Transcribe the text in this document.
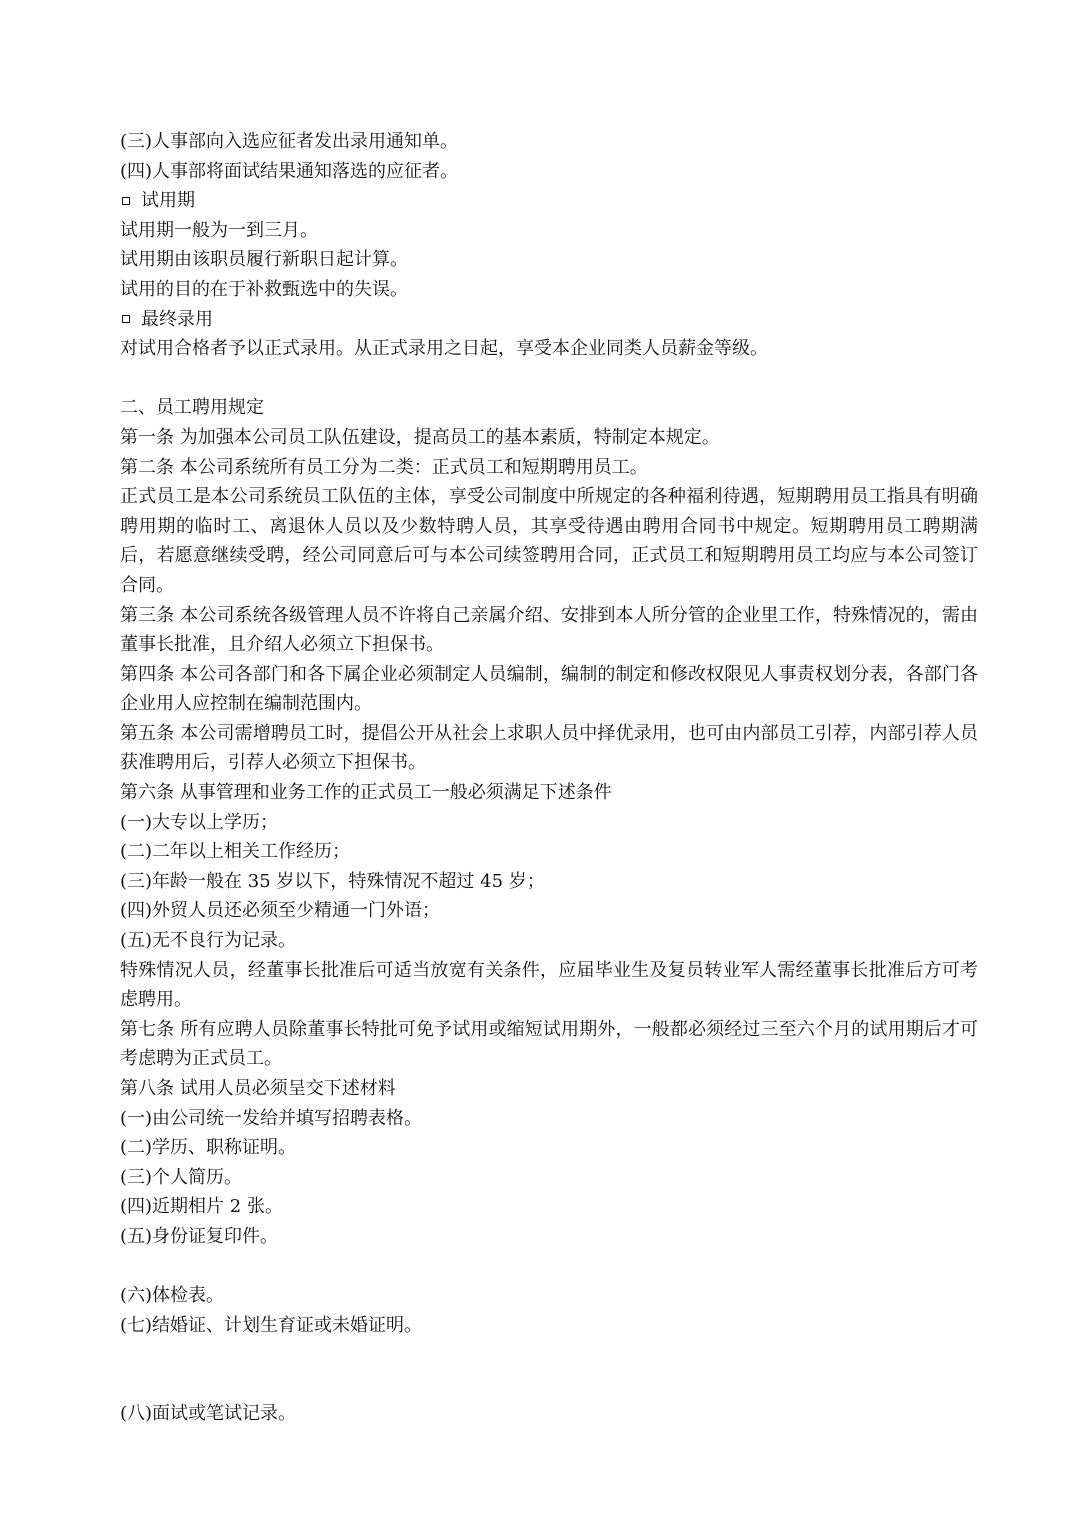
(三)人事部向入选应征者发出录用通知单。
(四)人事部将面试结果通知落选的应征者。
试用期
试用期一般为一到三月。
试用期由该职员履行新职日起计算。
试用的目的在于补救甄选中的失误。
最终录用
对试用合格者予以正式录用。从正式录用之日起，享受本企业同类人员薪金等级。
二、员工聘用规定
第一条 为加强本公司员工队伍建设，提高员工的基本素质，特制定本规定。
第二条 本公司系统所有员工分为二类：正式员工和短期聘用员工。
正式员工是本公司系统员工队伍的主体，享受公司制度中所规定的各种福利待遇，短期聘用员工指具有明确聘用期的临时工、离退休人员以及少数特聘人员，其享受待遇由聘用合同书中规定。短期聘用员工聘期满后，若愿意继续受聘，经公司同意后可与本公司续签聘用合同，正式员工和短期聘用员工均应与本公司签订合同。
第三条 本公司系统各级管理人员不许将自己亲属介绍、安排到本人所分管的企业里工作，特殊情况的，需由董事长批准，且介绍人必须立下担保书。
第四条 本公司各部门和各下属企业必须制定人员编制，编制的制定和修改权限见人事责权划分表，各部门各企业用人应控制在编制范围内。
第五条 本公司需增聘员工时，提倡公开从社会上求职人员中择优录用，也可由内部员工引荐，内部引荐人员获准聘用后，引荐人必须立下担保书。
第六条 从事管理和业务工作的正式员工一般必须满足下述条件
(一)大专以上学历；
(二)二年以上相关工作经历；
(三)年龄一般在 35 岁以下，特殊情况不超过 45 岁；
(四)外贸人员还必须至少精通一门外语；
(五)无不良行为记录。
特殊情况人员，经董事长批准后可适当放宽有关条件，应届毕业生及复员转业军人需经董事长批准后方可考虑聘用。
第七条 所有应聘人员除董事长特批可免予试用或缩短试用期外，一般都必须经过三至六个月的试用期后才可考虑聘为正式员工。
第八条 试用人员必须呈交下述材料
(一)由公司统一发给并填写招聘表格。
(二)学历、职称证明。
(三)个人简历。
(四)近期相片 2 张。
(五)身份证复印件。
(六)体检表。
(七)结婚证、计划生育证或未婚证明。
(八)面试或笔试记录。
